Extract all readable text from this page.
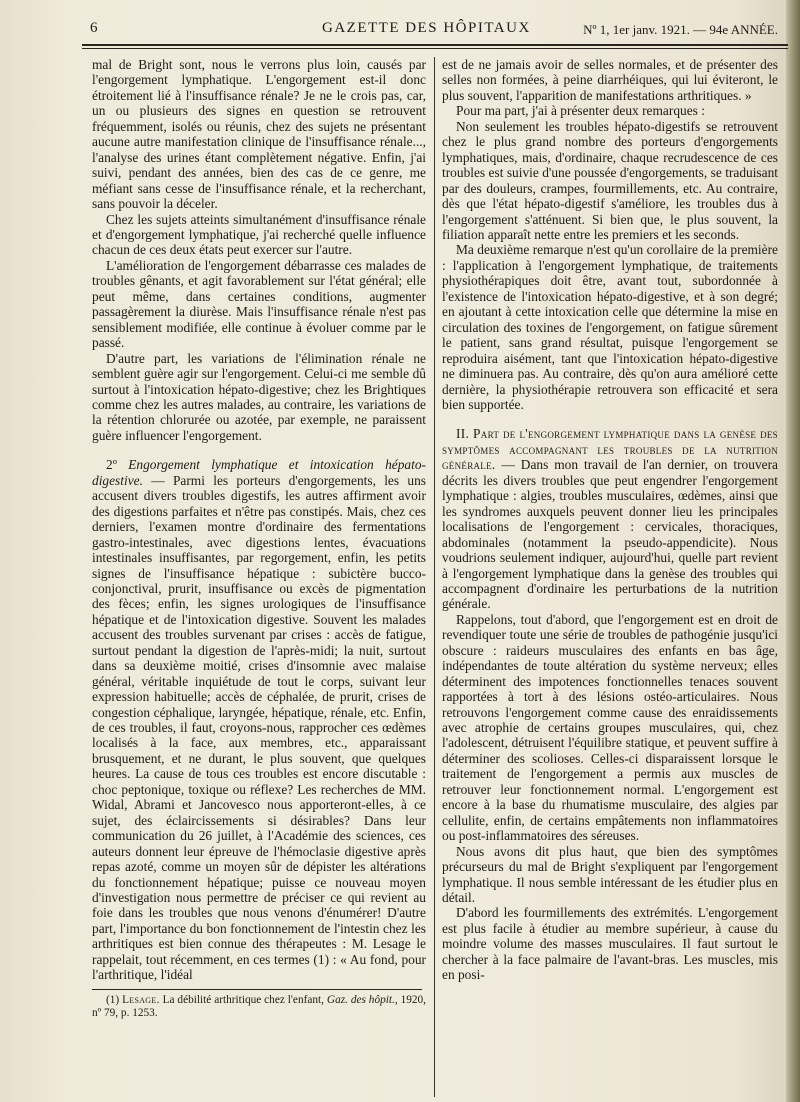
6	GAZETTE DES HÔPITAUX	Nº 1, 1er janv. 1921. — 94e ANNÉE.

mal de Bright sont, nous le verrons plus loin, causés par l'engorgement lymphatique. L'engorgement est-il donc étroitement lié à l'insuffisance rénale? Je ne le crois pas, car, un ou plusieurs des signes en question se retrouvent fréquemment, isolés ou réunis, chez des sujets ne présentant aucune autre manifestation clinique de l'insuffisance rénale..., l'analyse des urines étant complètement négative. Enfin, j'ai suivi, pendant des années, bien des cas de ce genre, me méfiant sans cesse de l'insuffisance rénale, et la recherchant, sans pouvoir la déceler.

Chez les sujets atteints simultanément d'insuffisance rénale et d'engorgement lymphatique, j'ai recherché quelle influence chacun de ces deux états peut exercer sur l'autre.

L'amélioration de l'engorgement débarrasse ces malades de troubles gênants, et agit favorablement sur l'état général; elle peut même, dans certaines conditions, augmenter passagèrement la diurèse. Mais l'insuffisance rénale n'est pas sensiblement modifiée, elle continue à évoluer comme par le passé.

D'autre part, les variations de l'élimination rénale ne semblent guère agir sur l'engorgement. Celui-ci me semble dû surtout à l'intoxication hépato-digestive; chez les Brightiques comme chez les autres malades, au contraire, les variations de la rétention chlorurée ou azotée, par exemple, ne paraissent guère influencer l'engorgement.

2º Engorgement lymphatique et intoxication hépato-digestive. — Parmi les porteurs d'engorgements, les uns accusent divers troubles digestifs, les autres affirment avoir des digestions parfaites et n'être pas constipés. Mais, chez ces derniers, l'examen montre d'ordinaire des fermentations gastro-intestinales, avec digestions lentes, évacuations intestinales insuffisantes, par regorgement, enfin, les petits signes de l'insuffisance hépatique : subictère bucco-conjonctival, prurit, insuffisance ou excès de pigmentation des fèces; enfin, les signes urologiques de l'insuffisance hépatique et de l'intoxication digestive. Souvent les malades accusent des troubles survenant par crises : accès de fatigue, surtout pendant la digestion de l'après-midi; la nuit, surtout dans sa deuxième moitié, crises d'insomnie avec malaise général, véritable inquiétude de tout le corps, suivant leur expression habituelle; accès de céphalée, de prurit, crises de congestion céphalique, laryngée, hépatique, rénale, etc. Enfin, de ces troubles, il faut, croyons-nous, rapprocher ces œdèmes localisés à la face, aux membres, etc., apparaissant brusquement, et ne durant, le plus souvent, que quelques heures. La cause de tous ces troubles est encore discutable : choc peptonique, toxique ou réflexe? Les recherches de MM. Widal, Abrami et Jancovesco nous apporteront-elles, à ce sujet, des éclaircissements si désirables? Dans leur communication du 26 juillet, à l'Académie des sciences, ces auteurs donnent leur épreuve de l'hémoclasie digestive après repas azoté, comme un moyen sûr de dépister les altérations du fonctionnement hépatique; puisse ce nouveau moyen d'investigation nous permettre de préciser ce qui revient au foie dans les troubles que nous venons d'énumérer! D'autre part, l'importance du bon fonctionnement de l'intestin chez les arthritiques est bien connue des thérapeutes : M. Lesage le rappelait, tout récemment, en ces termes (1) : « Au fond, pour l'arthritique, l'idéal

(1) Lesage. La débilité arthritique chez l'enfant, Gaz. des hôpit., 1920, nº 79, p. 1253.

est de ne jamais avoir de selles normales, et de présenter des selles non formées, à peine diarrhéiques, qui lui éviteront, le plus souvent, l'apparition de manifestations arthritiques. »

Pour ma part, j'ai à présenter deux remarques :

Non seulement les troubles hépato-digestifs se retrouvent chez le plus grand nombre des porteurs d'engorgements lymphatiques, mais, d'ordinaire, chaque recrudescence de ces troubles est suivie d'une poussée d'engorgements, se traduisant par des douleurs, crampes, fourmillements, etc. Au contraire, dès que l'état hépato-digestif s'améliore, les troubles dus à l'engorgement s'atténuent. Si bien que, le plus souvent, la filiation apparaît nette entre les premiers et les seconds.

Ma deuxième remarque n'est qu'un corollaire de la première : l'application à l'engorgement lymphatique, de traitements physiothérapiques doit être, avant tout, subordonnée à l'existence de l'intoxication hépato-digestive, et à son degré; en ajoutant à cette intoxication celle que détermine la mise en circulation des toxines de l'engorgement, on fatigue sûrement le patient, sans grand résultat, puisque l'engorgement se reproduira aisément, tant que l'intoxication hépato-digestive ne diminuera pas. Au contraire, dès qu'on aura amélioré cette dernière, la physiothérapie retrouvera son efficacité et sera bien supportée.

II. Part de l'engorgement lymphatique dans la genèse des symptômes accompagnant les troubles de la nutrition générale. — Dans mon travail de l'an dernier, on trouvera décrits les divers troubles que peut engendrer l'engorgement lymphatique : algies, troubles musculaires, œdèmes, ainsi que les syndromes auxquels peuvent donner lieu les principales localisations de l'engorgement : cervicales, thoraciques, abdominales (notamment la pseudo-appendicite). Nous voudrions seulement indiquer, aujourd'hui, quelle part revient à l'engorgement lymphatique dans la genèse des troubles qui accompagnent d'ordinaire les perturbations de la nutrition générale.

Rappelons, tout d'abord, que l'engorgement est en droit de revendiquer toute une série de troubles de pathogénie jusqu'ici obscure : raideurs musculaires des enfants en bas âge, indépendantes de toute altération du système nerveux; elles déterminent des impotences fonctionnelles tenaces souvent rapportées à tort à des lésions ostéo-articulaires. Nous retrouvons l'engorgement comme cause des enraidissements avec atrophie de certains groupes musculaires, qui, chez l'adolescent, détruisent l'équilibre statique, et peuvent suffire à déterminer des scolioses. Celles-ci disparaissent lorsque le traitement de l'engorgement a permis aux muscles de retrouver leur fonctionnement normal. L'engorgement est encore à la base du rhumatisme musculaire, des algies par cellulite, enfin, de certains empâtements non inflammatoires ou post-inflammatoires des séreuses.

Nous avons dit plus haut, que bien des symptômes précurseurs du mal de Bright s'expliquent par l'engorgement lymphatique. Il nous semble intéressant de les étudier plus en détail.

D'abord les fourmillements des extrémités. L'engorgement est plus facile à étudier au membre supérieur, à cause du moindre volume des masses musculaires. Il faut surtout le chercher à la face palmaire de l'avant-bras. Les muscles, mis en posi-
